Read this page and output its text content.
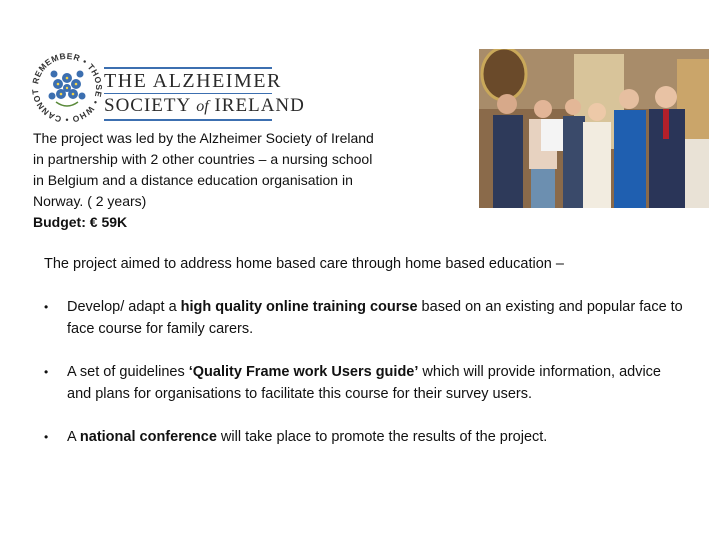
REMEMBER • THOSE • WHO • CANNOT
THE ALZHEIMER
SOCIETY of IRELAND
The project was led by the Alzheimer Society of Ireland
in partnership with 2 other countries – a nursing school
in Belgium and a distance education organisation in
Norway. ( 2 years)
Budget: € 59K
The project aimed to address home based care through home based education –
• Develop/ adapt a high quality online training course based on an existing and popular face to face course for family carers.
• A set of guidelines ‘Quality Frame work Users guide’ which will provide information, advice and plans for organisations to facilitate this course for their survey users.
• A national conference will take place to promote the results of the project.
